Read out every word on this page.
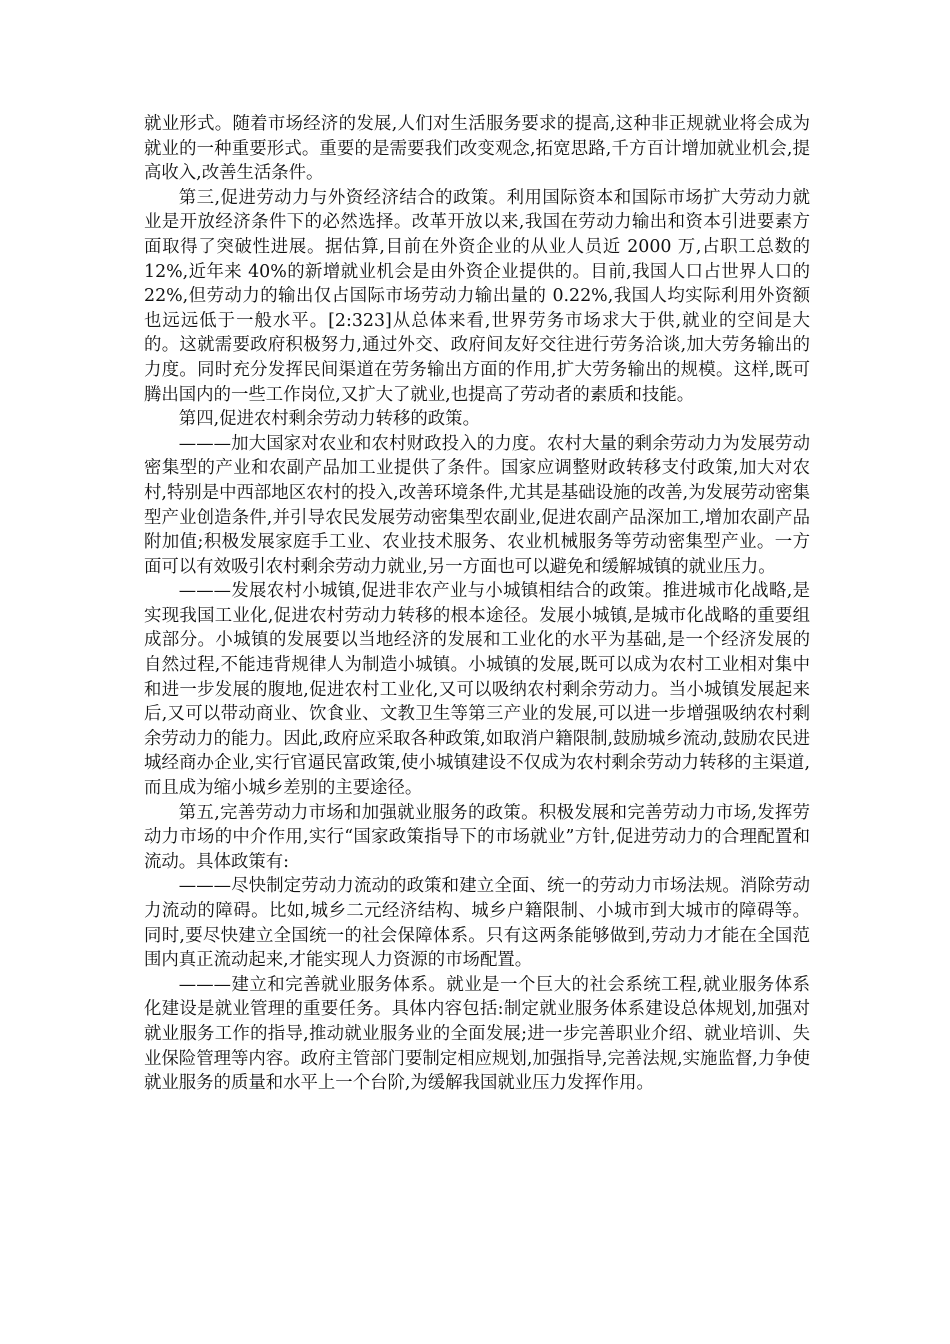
就业形式。随着市场经济的发展,人们对生活服务要求的提高,这种非正规就业将会成为就业的一种重要形式。重要的是需要我们改变观念,拓宽思路,千方百计增加就业机会,提高收入,改善生活条件。

第三,促进劳动力与外资经济结合的政策。利用国际资本和国际市场扩大劳动力就业是开放经济条件下的必然选择。改革开放以来,我国在劳动力输出和资本引进要素方面取得了突破性进展。据估算,目前在外资企业的从业人员近 2000 万,占职工总数的 12%,近年来 40%的新增就业机会是由外资企业提供的。目前,我国人口占世界人口的 22%,但劳动力的输出仅占国际市场劳动力输出量的 0.22%,我国人均实际利用外资额也远远低于一般水平。[2:323]从总体来看,世界劳务市场求大于供,就业的空间是大的。这就需要政府积极努力,通过外交、政府间友好交往进行劳务洽谈,加大劳务输出的力度。同时充分发挥民间渠道在劳务输出方面的作用,扩大劳务输出的规模。这样,既可腾出国内的一些工作岗位,又扩大了就业,也提高了劳动者的素质和技能。

第四,促进农村剩余劳动力转移的政策。

———加大国家对农业和农村财政投入的力度。农村大量的剩余劳动力为发展劳动密集型的产业和农副产品加工业提供了条件。国家应调整财政转移支付政策,加大对农村,特别是中西部地区农村的投入,改善环境条件,尤其是基础设施的改善,为发展劳动密集型产业创造条件,并引导农民发展劳动密集型农副业,促进农副产品深加工,增加农副产品附加值;积极发展家庭手工业、农业技术服务、农业机械服务等劳动密集型产业。一方面可以有效吸引农村剩余劳动力就业,另一方面也可以避免和缓解城镇的就业压力。

———发展农村小城镇,促进非农产业与小城镇相结合的政策。推进城市化战略,是实现我国工业化,促进农村劳动力转移的根本途径。发展小城镇,是城市化战略的重要组成部分。小城镇的发展要以当地经济的发展和工业化的水平为基础,是一个经济发展的自然过程,不能违背规律人为制造小城镇。小城镇的发展,既可以成为农村工业相对集中和进一步发展的腹地,促进农村工业化,又可以吸纳农村剩余劳动力。当小城镇发展起来后,又可以带动商业、饮食业、文教卫生等第三产业的发展,可以进一步增强吸纳农村剩余劳动力的能力。因此,政府应采取各种政策,如取消户籍限制,鼓励城乡流动,鼓励农民进城经商办企业,实行官逼民富政策,使小城镇建设不仅成为农村剩余劳动力转移的主渠道,而且成为缩小城乡差别的主要途径。

第五,完善劳动力市场和加强就业服务的政策。积极发展和完善劳动力市场,发挥劳动力市场的中介作用,实行“国家政策指导下的市场就业”方针,促进劳动力的合理配置和流动。具体政策有:

———尽快制定劳动力流动的政策和建立全面、统一的劳动力市场法规。消除劳动力流动的障碍。比如,城乡二元经济结构、城乡户籍限制、小城市到大城市的障碍等。同时,要尽快建立全国统一的社会保障体系。只有这两条能够做到,劳动力才能在全国范围内真正流动起来,才能实现人力资源的市场配置。

———建立和完善就业服务体系。就业是一个巨大的社会系统工程,就业服务体系化建设是就业管理的重要任务。具体内容包括:制定就业服务体系建设总体规划,加强对就业服务工作的指导,推动就业服务业的全面发展;进一步完善职业介绍、就业培训、失业保险管理等内容。政府主管部门要制定相应规划,加强指导,完善法规,实施监督,力争使就业服务的质量和水平上一个台阶,为缓解我国就业压力发挥作用。
